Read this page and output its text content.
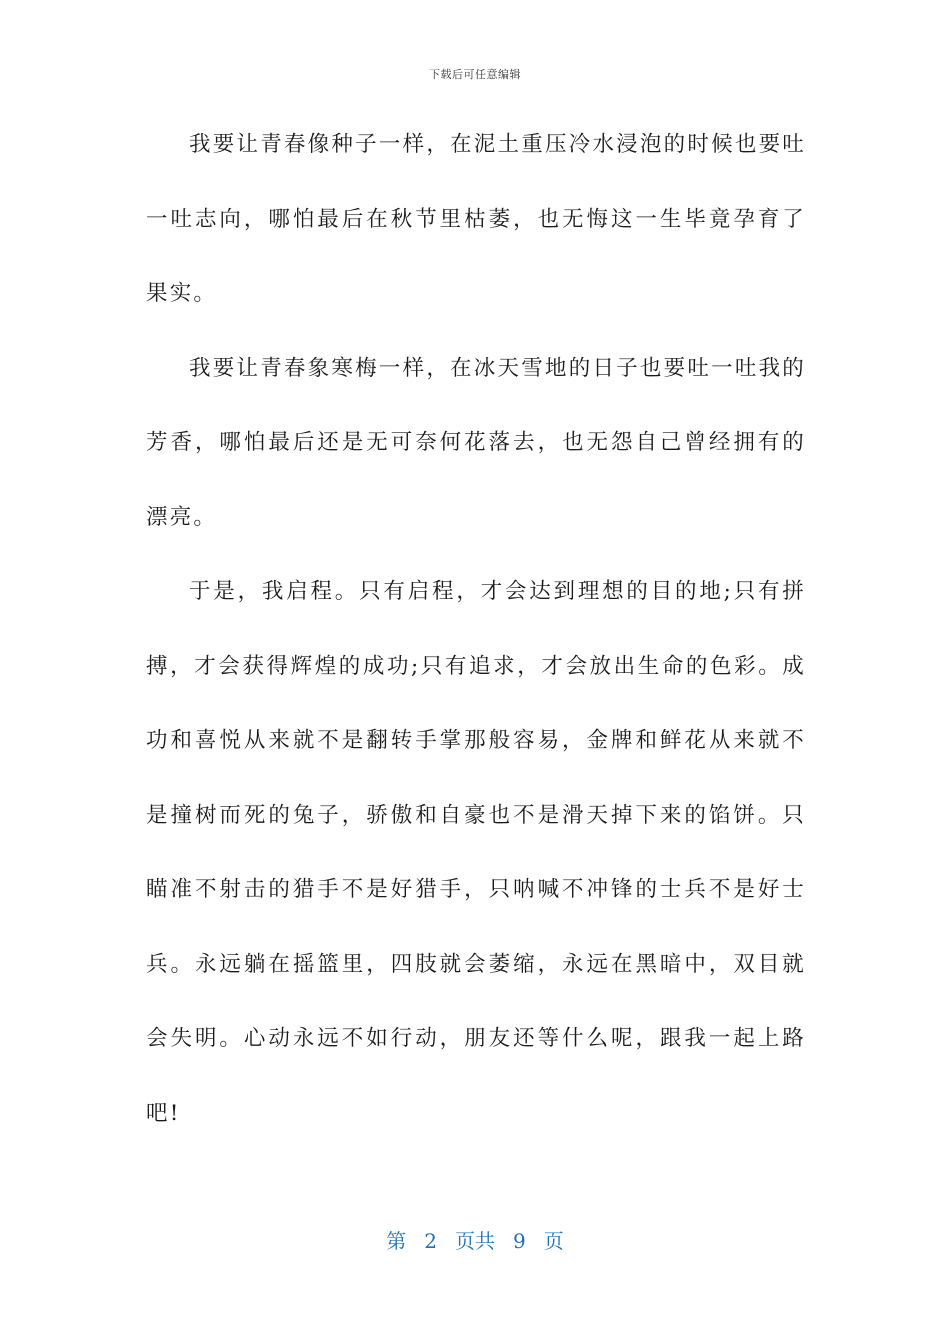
下载后可任意编辑

我要让青春像种子一样，在泥土重压冷水浸泡的时候也要吐一吐志向，哪怕最后在秋节里枯萎，也无悔这一生毕竟孕育了果实。

我要让青春象寒梅一样，在冰天雪地的日子也要吐一吐我的芳香，哪怕最后还是无可奈何花落去，也无怨自己曾经拥有的漂亮。

于是，我启程。只有启程，才会达到理想的目的地;只有拼搏，才会获得辉煌的成功;只有追求，才会放出生命的色彩。成功和喜悦从来就不是翻转手掌那般容易，金牌和鲜花从来就不是撞树而死的兔子，骄傲和自豪也不是滑天掉下来的馅饼。只瞄准不射击的猎手不是好猎手，只呐喊不冲锋的士兵不是好士兵。永远躺在摇篮里，四肢就会萎缩，永远在黑暗中，双目就会失明。心动永远不如行动，朋友还等什么呢，跟我一起上路吧!

第 2 页共 9 页
